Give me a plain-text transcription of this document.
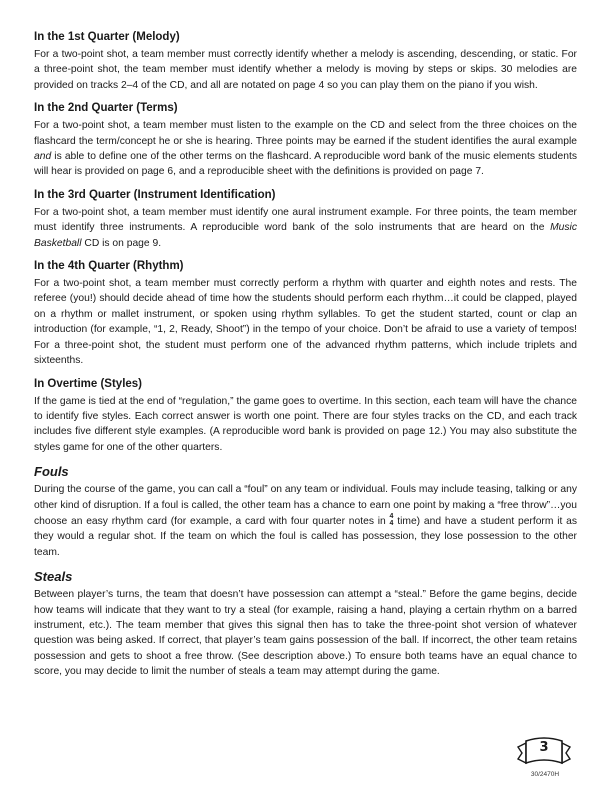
In the 1st Quarter (Melody)

For a two-point shot, a team member must correctly identify whether a melody is ascending, descending, or static. For a three-point shot, the team member must identify whether a melody is moving by steps or skips. 30 melodies are provided on tracks 2–4 of the CD, and all are notated on page 4 so you can play them on the piano if you wish.

In the 2nd Quarter (Terms)

For a two-point shot, a team member must listen to the example on the CD and select from the three choices on the flashcard the term/concept he or she is hearing. Three points may be earned if the student identifies the aural example and is able to define one of the other terms on the flashcard. A reproducible word bank of the music elements students will hear is provided on page 6, and a reproducible sheet with the definitions is provided on page 7.

In the 3rd Quarter (Instrument Identification)

For a two-point shot, a team member must identify one aural instrument example. For three points, the team member must identify three instruments. A reproducible word bank of the solo instruments that are heard on the Music Basketball CD is on page 9.

In the 4th Quarter (Rhythm)

For a two-point shot, a team member must correctly perform a rhythm with quarter and eighth notes and rests. The referee (you!) should decide ahead of time how the students should perform each rhythm…it could be clapped, played on a rhythm or mallet instrument, or spoken using rhythm syllables. To get the student started, count or clap an introduction (for example, “1, 2, Ready, Shoot”) in the tempo of your choice. Don’t be afraid to use a variety of tempos! For a three-point shot, the student must perform one of the advanced rhythm patterns, which include triplets and sixteenths.

In Overtime (Styles)

If the game is tied at the end of “regulation,” the game goes to overtime. In this section, each team will have the chance to identify five styles. Each correct answer is worth one point. There are four styles tracks on the CD, and each track includes five different style examples. (A reproducible word bank is provided on page 12.) You may also substitute the styles game for one of the other quarters.

Fouls

During the course of the game, you can call a “foul” on any team or individual. Fouls may include teasing, talking or any other kind of disruption. If a foul is called, the other team has a chance to earn one point by making a “free throw”…you choose an easy rhythm card (for example, a card with four quarter notes in 4
4 time) and have a student perform it as they would a regular shot. If the team on which the foul is called has possession, they lose possession to the other team.

Steals

Between player’s turns, the team that doesn’t have possession can attempt a “steal.” Before the game begins, decide how teams will indicate that they want to try a steal (for example, raising a hand, playing a certain rhythm on a barred instrument, etc.). The team member that gives this signal then has to take the three-point shot version of whatever question was being asked. If correct, that player’s team gains possession of the ball. If incorrect, the other team retains possession and gets to shoot a free throw. (See description above.) To ensure both teams have an equal chance to score, you may decide to limit the number of steals a team may attempt during the game.

3
30/2470H
